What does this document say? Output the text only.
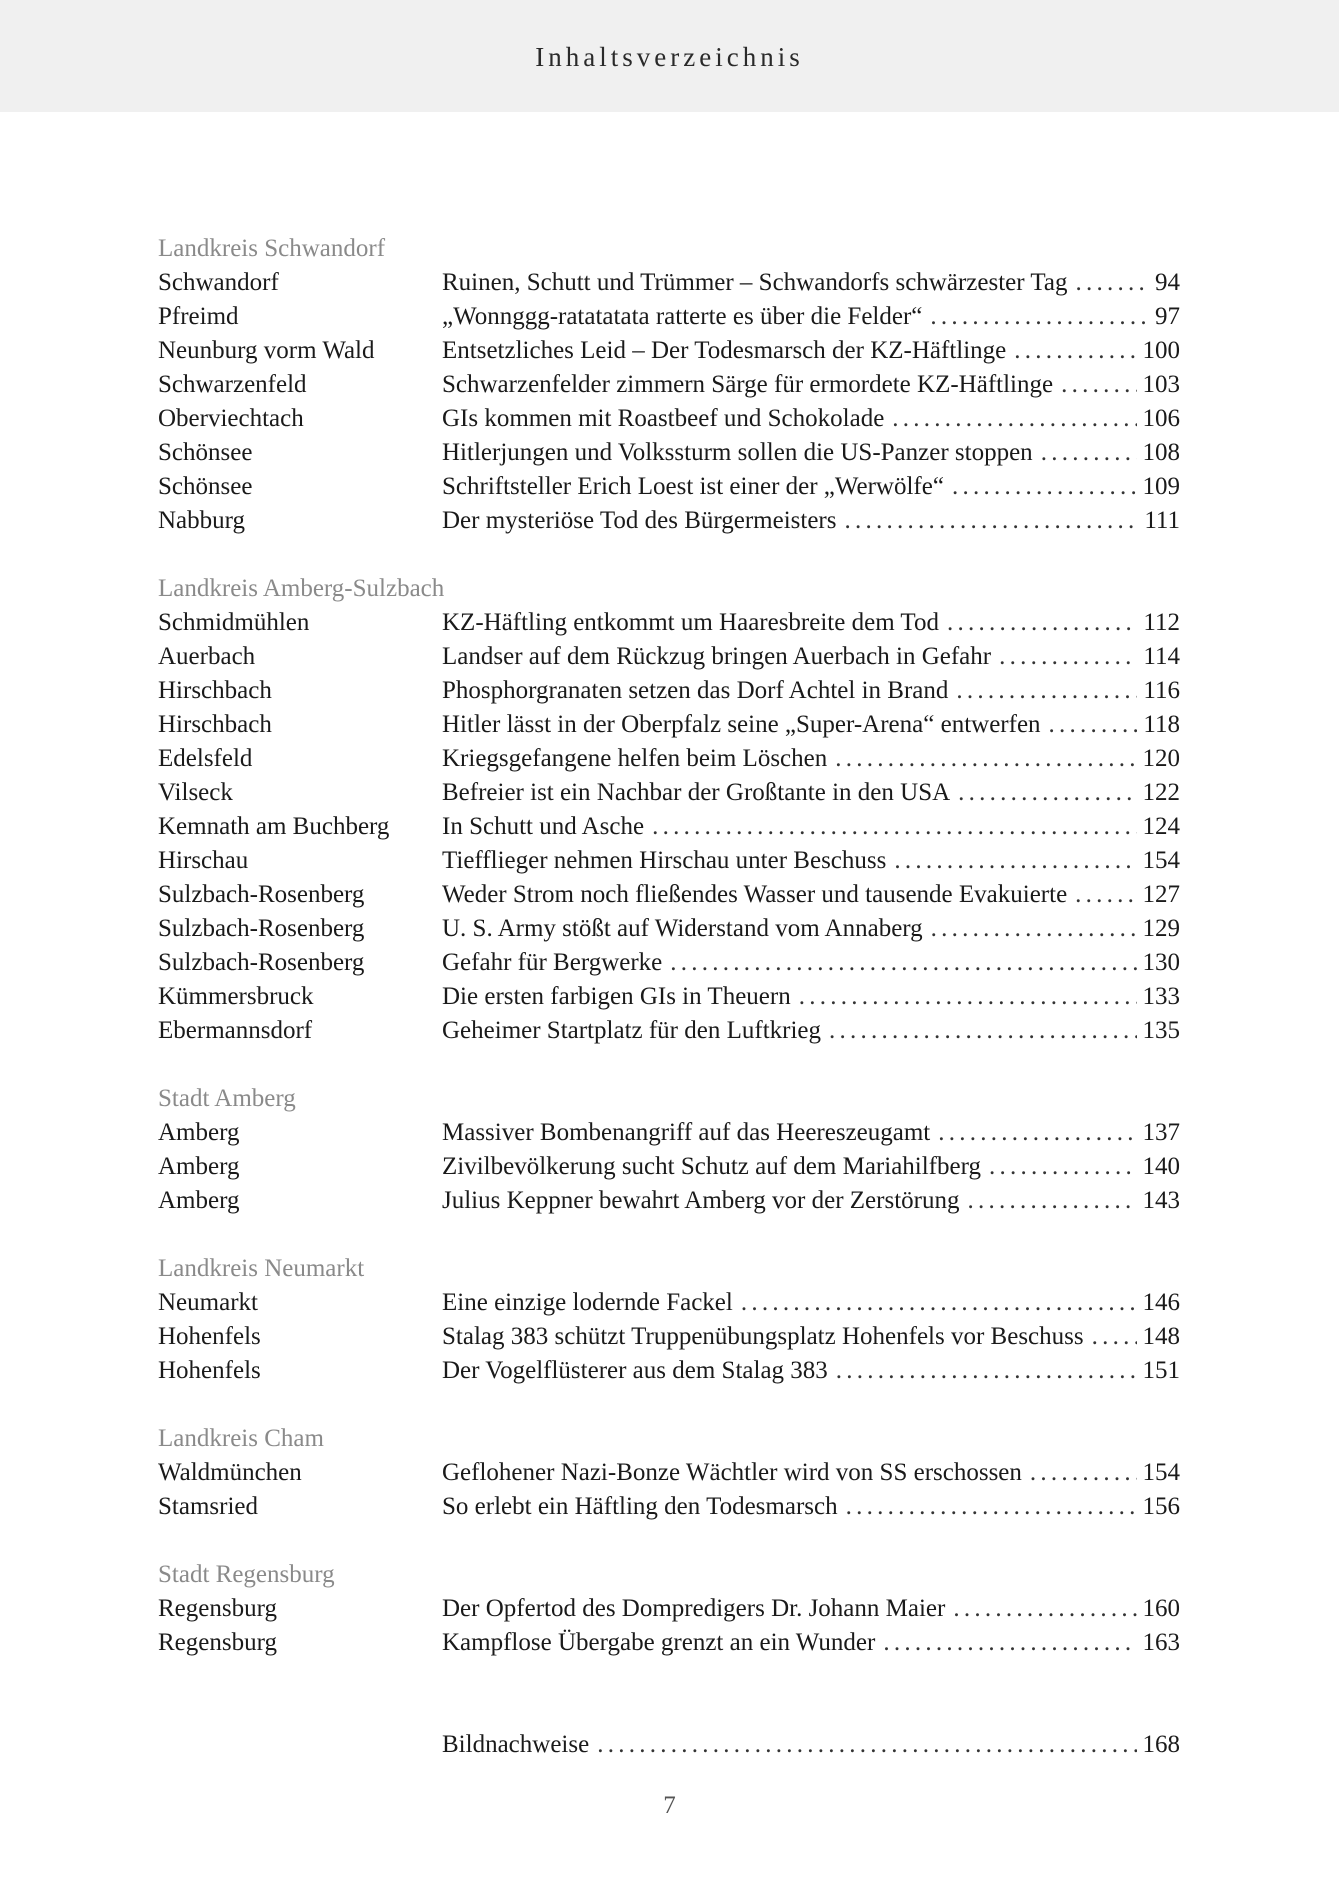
Inhaltsverzeichnis
Landkreis Schwandorf
Schwandorf	Ruinen, Schutt und Trümmer – Schwandorfs schwärzester Tag . . .	94
Pfreimd	„Wonnggg-ratatatata ratterte es über die Felder“ . . .	97
Neunburg vorm Wald	Entsetzliches Leid – Der Todesmarsch der KZ-Häftlinge . . .	100
Schwarzenfeld	Schwarzenfelder zimmern Särge für ermordete KZ-Häftlinge . . .	103
Oberviechtach	GIs kommen mit Roastbeef und Schokolade . . .	106
Schönsee	Hitlerjungen und Volkssturm sollen die US-Panzer stoppen . . .	108
Schönsee	Schriftsteller Erich Loest ist einer der „Werwölfe“ . . .	109
Nabburg	Der mysteriöse Tod des Bürgermeisters . . .	111
Landkreis Amberg-Sulzbach
Schmidmühlen	KZ-Häftling entkommt um Haaresbreite dem Tod . . .	112
Auerbach	Landser auf dem Rückzug bringen Auerbach in Gefahr . . .	114
Hirschbach	Phosphorgranaten setzen das Dorf Achtel in Brand . . .	116
Hirschbach	Hitler lässt in der Oberpfalz seine „Super-Arena“ entwerfen . . .	118
Edelsfeld	Kriegsgefangene helfen beim Löschen . . .	120
Vilseck	Befreier ist ein Nachbar der Großtante in den USA . . .	122
Kemnath am Buchberg	In Schutt und Asche . . .	124
Hirschau	Tiefflieger nehmen Hirschau unter Beschuss . . .	154
Sulzbach-Rosenberg	Weder Strom noch fließendes Wasser und tausende Evakuierte . . .	127
Sulzbach-Rosenberg	U. S. Army stößt auf Widerstand vom Annaberg . . .	129
Sulzbach-Rosenberg	Gefahr für Bergwerke . . .	130
Kümmersbruck	Die ersten farbigen GIs in Theuern . . .	133
Ebermannsdorf	Geheimer Startplatz für den Luftkrieg . . .	135
Stadt Amberg
Amberg	Massiver Bombenangriff auf das Heereszeugamt . . .	137
Amberg	Zivilbevölkerung sucht Schutz auf dem Mariahilfberg . . .	140
Amberg	Julius Keppner bewahrt Amberg vor der Zerstörung . . .	143
Landkreis Neumarkt
Neumarkt	Eine einzige lodernde Fackel . . .	146
Hohenfels	Stalag 383 schützt Truppenübungsplatz Hohenfels vor Beschuss . . .	148
Hohenfels	Der Vogelflüsterer aus dem Stalag 383 . . .	151
Landkreis Cham
Waldmünchen	Geflohener Nazi-Bonze Wächtler wird von SS erschossen . . .	154
Stamsried	So erlebt ein Häftling den Todesmarsch . . .	156
Stadt Regensburg
Regensburg	Der Opfertod des Dompredigers Dr. Johann Maier . . .	160
Regensburg	Kampflose Übergabe grenzt an ein Wunder . . .	163
Bildnachweise . . .	168
7
